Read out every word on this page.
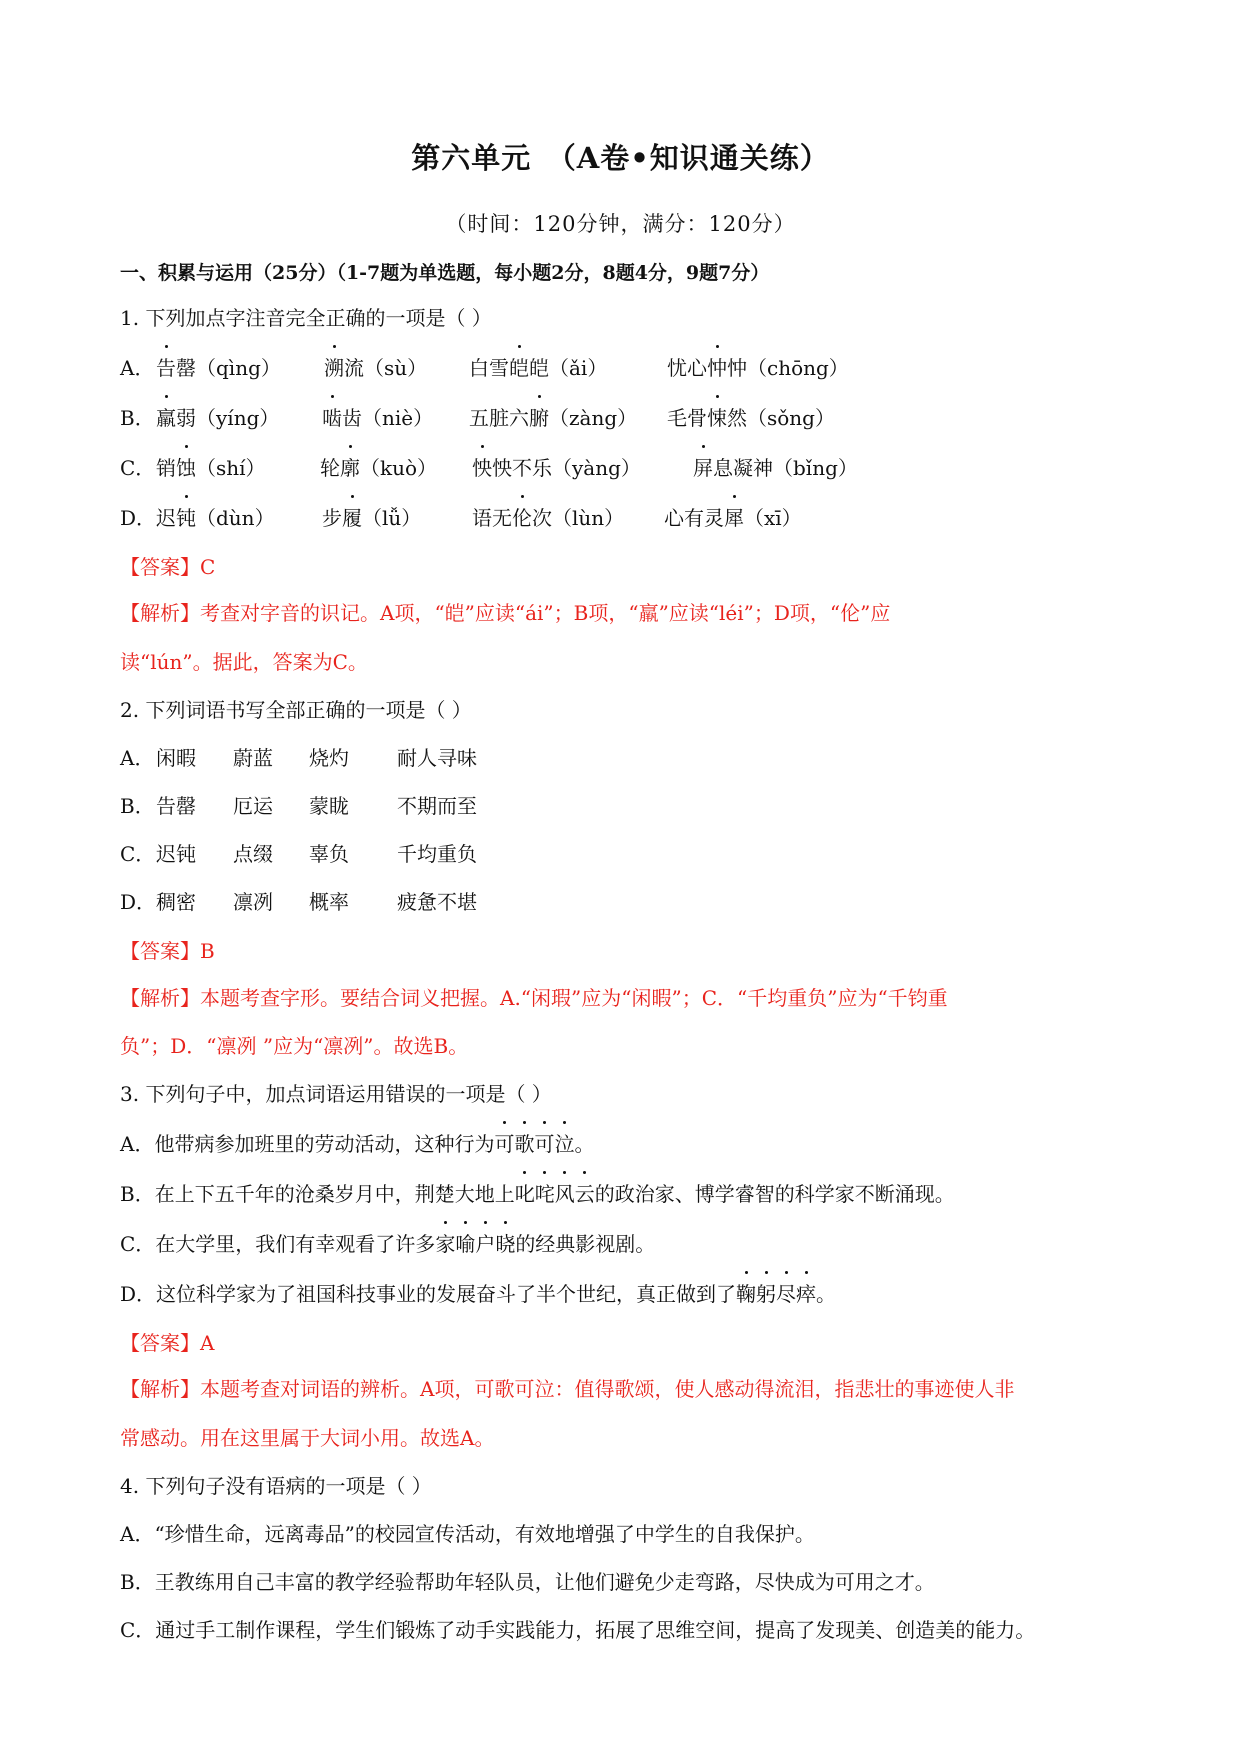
第六单元　（A卷•知识通关练）
（时间：120分钟，满分：120分）
一、积累与运用（25分）（1-7题为单选题，每小题2分，8题4分，9题7分）
1. 下列加点字注音完全正确的一项是（ ）
A． 告罄（qìng） 溯流（sù） 白雪皑皑（ǎi）	忧心忡忡（chōng）
B． 羸弱（yíng） 啮齿（niè） 五脏六腑（zàng） 毛骨悚然（sǒng）
C． 销蚀（shí）	轮廓（kuò） 怏怏不乐（yàng）	屏息凝神（bǐng）
D． 迟钝（dùn） 步履（lǚ）	语无伦次（lùn） 心有灵犀（xī）
【答案】C
【解析】考查对字音的识记。A项，“皑”应读“ái”；B项，“羸”应读“léi”；D项，“伦”应
读“lún”。据此，答案为C。
2. 下列词语书写全部正确的一项是（ ）
A． 闲暇 蔚蓝 烧灼 耐人寻味
B． 告罄 厄运 蒙眬 不期而至
C． 迟钝 点缀 辜负 千均重负
D． 稠密 凛冽 概率 疲惫不堪
【答案】B
【解析】本题考查字形。要结合词义把握。A.“闲瑕”应为“闲暇”；C．“千均重负”应为“千钧重
负”；D．“凛冽 ”应为“凛冽”。故选B。
3. 下列句子中，加点词语运用错误的一项是（ ）
A．他带病参加班里的劳动活动，这种行为可歌可泣。
B．在上下五千年的沧桑岁月中，荆楚大地上叱咤风云的政治家、博学睿智的科学家不断涌现。
C．在大学里，我们有幸观看了许多家喻户晓的经典影视剧。
D．这位科学家为了祖国科技事业的发展奋斗了半个世纪，真正做到了鞠躬尽瘁。
【答案】A
【解析】本题考查对词语的辨析。A项，可歌可泣：值得歌颂，使人感动得流泪，指悲壮的事迹使人非
常感动。用在这里属于大词小用。故选A。
4. 下列句子没有语病的一项是（ ）
A．“珍惜生命，远离毒品”的校园宣传活动，有效地增强了中学生的自我保护。
B．王教练用自己丰富的教学经验帮助年轻队员，让他们避免少走弯路，尽快成为可用之才。
C．通过手工制作课程，学生们锻炼了动手实践能力，拓展了思维空间，提高了发现美、创造美的能力。
